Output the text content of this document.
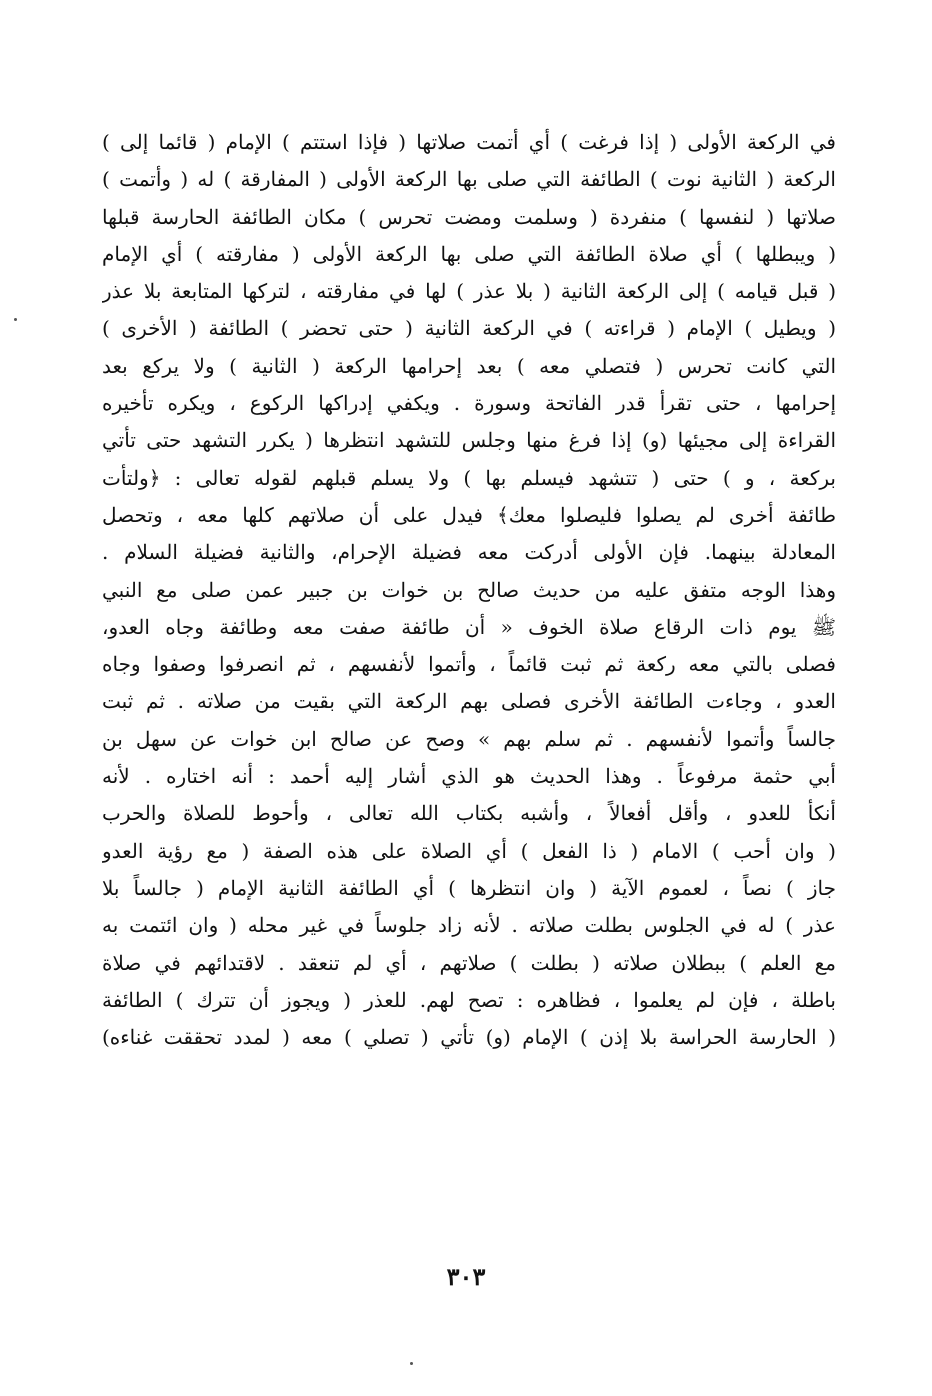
في الركعة الأولى ( إذا فرغت ) أي أتمت صلاتها ( فإذا استتم ) الإمام ( قائما إلى )
الركعة ( الثانية نوت ) الطائفة التي صلى بها الركعة الأولى ( المفارقة ) له ( وأتمت )
صلاتها ( لنفسها ) منفردة ( وسلمت ومضت تحرس ) مكان الطائفة الحارسة قبلها
( ويبطلها ) أي صلاة الطائفة التي صلى بها الركعة الأولى ( مفارقته ) أي الإمام
( قبل قيامه ) إلى الركعة الثانية ( بلا عذر ) لها في مفارقته ، لتركها المتابعة بلا عذر
( ويطيل ) الإمام ( قراءته ) في الركعة الثانية ( حتى تحضر ) الطائفة ( الأخرى )
التي كانت تحرس ( فتصلي معه ) بعد إحرامها الركعة ( الثانية ) ولا يركع بعد
إحرامها ، حتى تقرأ قدر الفاتحة وسورة . ويكفي إدراكها الركوع ، ويكره تأخيره
القراءة إلى مجيئها (و) إذا فرغ منها وجلس للتشهد انتظرها ( يكرر التشهد حتى تأتي
بركعة ، و ) حتى ( تتشهد فيسلم بها ) ولا يسلم قبلهم لقوله تعالى : ﴿ولتأت
طائفة أخرى لم يصلوا فليصلوا معك﴾ فيدل على أن صلاتهم كلها معه ، وتحصل
المعادلة بينهما. فإن الأولى أدركت معه فضيلة الإحرام، والثانية فضيلة السلام .
وهذا الوجه متفق عليه من حديث صالح بن خوات بن جبير عمن صلى مع النبي
ﷺ يوم ذات الرقاع صلاة الخوف « أن طائفة صفت معه وطائفة وجاه العدو،
فصلى بالتي معه ركعة ثم ثبت قائماً ، وأتموا لأنفسهم ، ثم انصرفوا وصفوا وجاه
العدو ، وجاءت الطائفة الأخرى فصلى بهم الركعة التي بقيت من صلاته . ثم ثبت
جالساً وأتموا لأنفسهم . ثم سلم بهم » وصح عن صالح ابن خوات عن سهل بن
أبي حثمة مرفوعاً . وهذا الحديث هو الذي أشار إليه أحمد : أنه اختاره . لأنه
أنكأ للعدو ، وأقل أفعالاً ، وأشبه بكتاب الله تعالى ، وأحوط للصلاة والحرب
( وان أحب ) الامام ( ذا الفعل ) أي الصلاة على هذه الصفة ( مع رؤية العدو
جاز ) نصاً ، لعموم الآية ( وان انتظرها ) أي الطائفة الثانية الإمام ( جالساً بلا
عذر ) له في الجلوس بطلت صلاته . لأنه زاد جلوساً في غير محله ( وان ائتمت به
مع العلم ) ببطلان صلاته ( بطلت ) صلاتهم ، أي لم تنعقد . لاقتدائهم في صلاة
باطلة ، فإن لم يعلموا ، فظاهره : تصح لهم. للعذر ( ويجوز أن تترك ) الطائفة
( الحارسة الحراسة بلا إذن ) الإمام (و) تأتي ( تصلي ) معه ( لمدد تحققت غناءه)
٣٠٣
